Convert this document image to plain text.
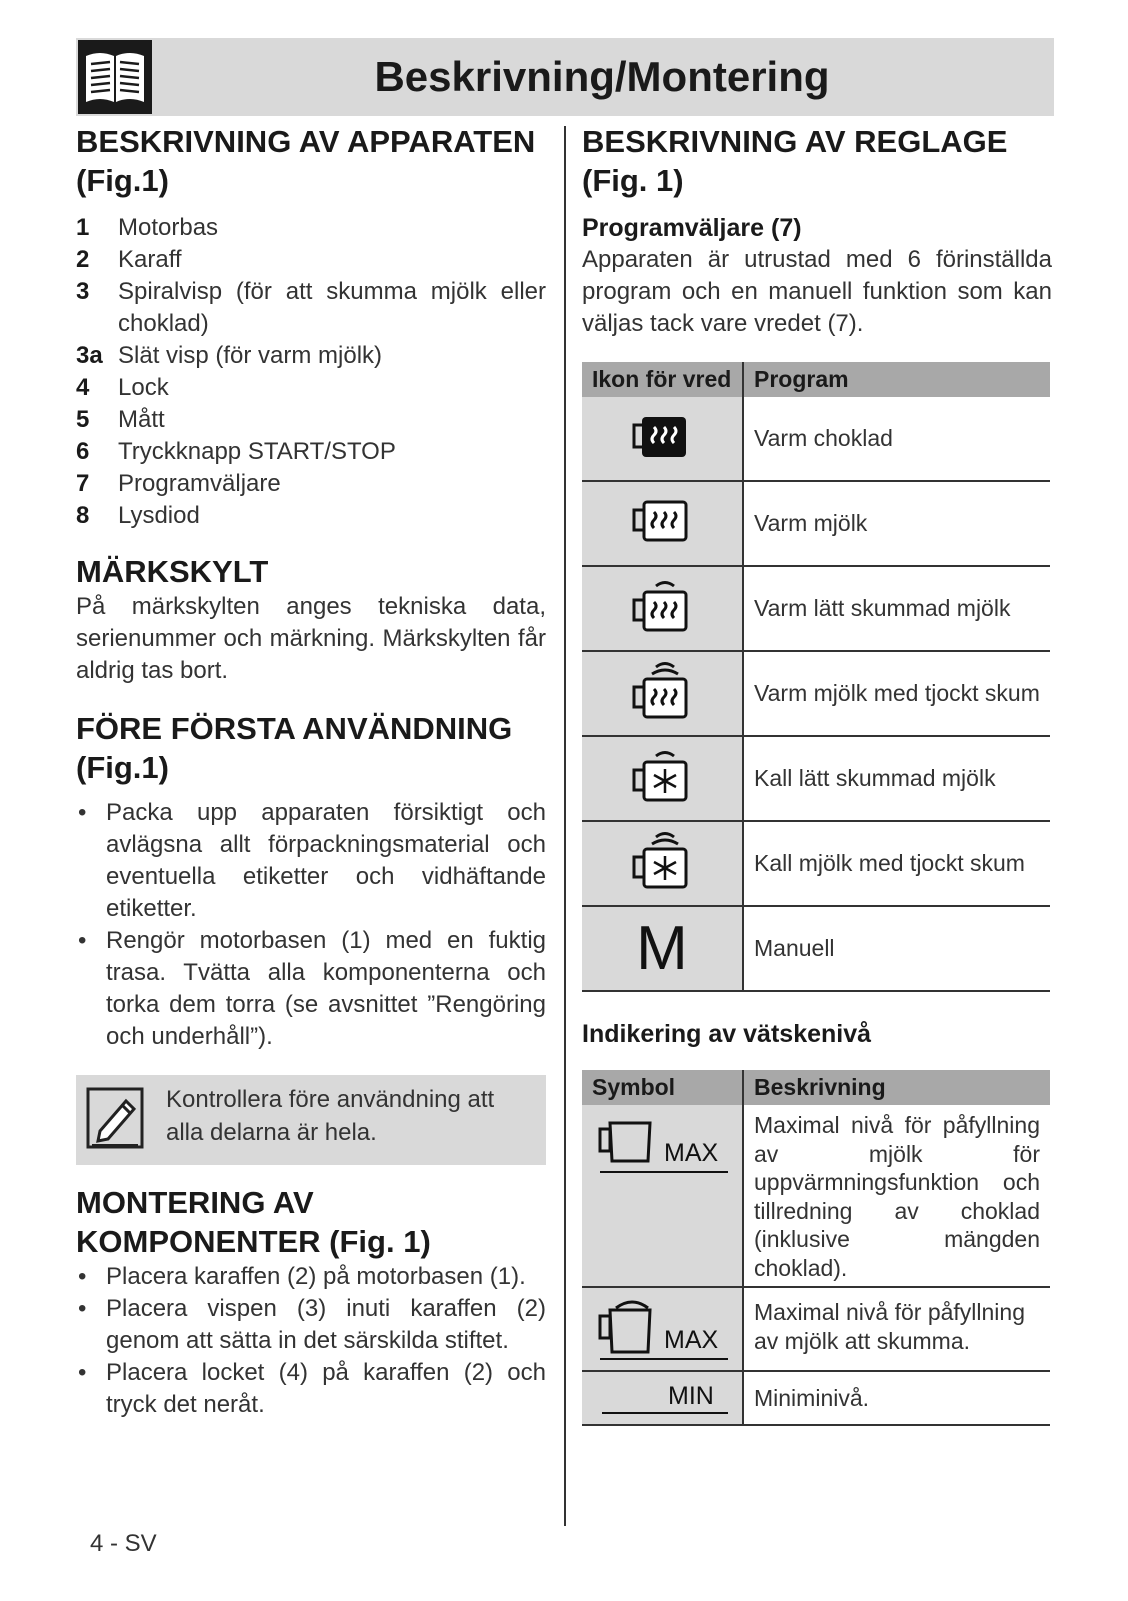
Beskrivning/Montering
BESKRIVNING AV APPARATEN
(Fig.1)
1	Motorbas
2	Karaff
3	Spiralvisp (för att skumma mjölk eller choklad)
3a Slät visp (för varm mjölk)
4	Lock
5	Mått
6	Tryckknapp START/STOP
7	Programväljare
8	Lysdiod
MÄRKSKYLT

På märkskylten anges tekniska data, serienummer och märkning. Märkskylten får aldrig tas bort.

FÖRE FÖRSTA ANVÄNDNING
(Fig.1)
• Packa upp apparaten försiktigt och avlägsna allt förpackningsmaterial och eventuella etiketter och vidhäftande etiketter.
• Rengör motorbasen (1) med en fuktig trasa. Tvätta alla komponenterna och torka dem torra (se avsnittet ”Rengöring och underhåll”).
Kontrollera före användning att alla delarna är hela.
MONTERING AV
KOMPONENTER (Fig. 1)
• Placera karaffen (2) på motorbasen (1).
• Placera vispen (3) inuti karaffen (2) genom att sätta in det särskilda stiftet.
• Placera locket (4) på karaffen (2) och tryck det neråt.
BESKRIVNING AV REGLAGE
(Fig. 1)
Programväljare (7)

Apparaten är utrustad med 6 förinställda program och en manuell funktion som kan väljas tack vare vredet (7).

Ikon för vred	Program
	Varm choklad
	Varm mjölk
	Varm lätt skummad mjölk
	Varm mjölk med tjockt skum
	Kall lätt skummad mjölk
	Kall mjölk med tjockt skum
M	Manuell
Indikering av vätskenivå
Symbol	Beskrivning

MAX	Maximal nivå för påfyllning av mjölk för uppvärmningsfunktion och tillredning av choklad (inklusive mängden choklad).

MAX	Maximal nivå för påfyllning av mjölk att skumma.

MIN	Miniminivå.
4 - SV
